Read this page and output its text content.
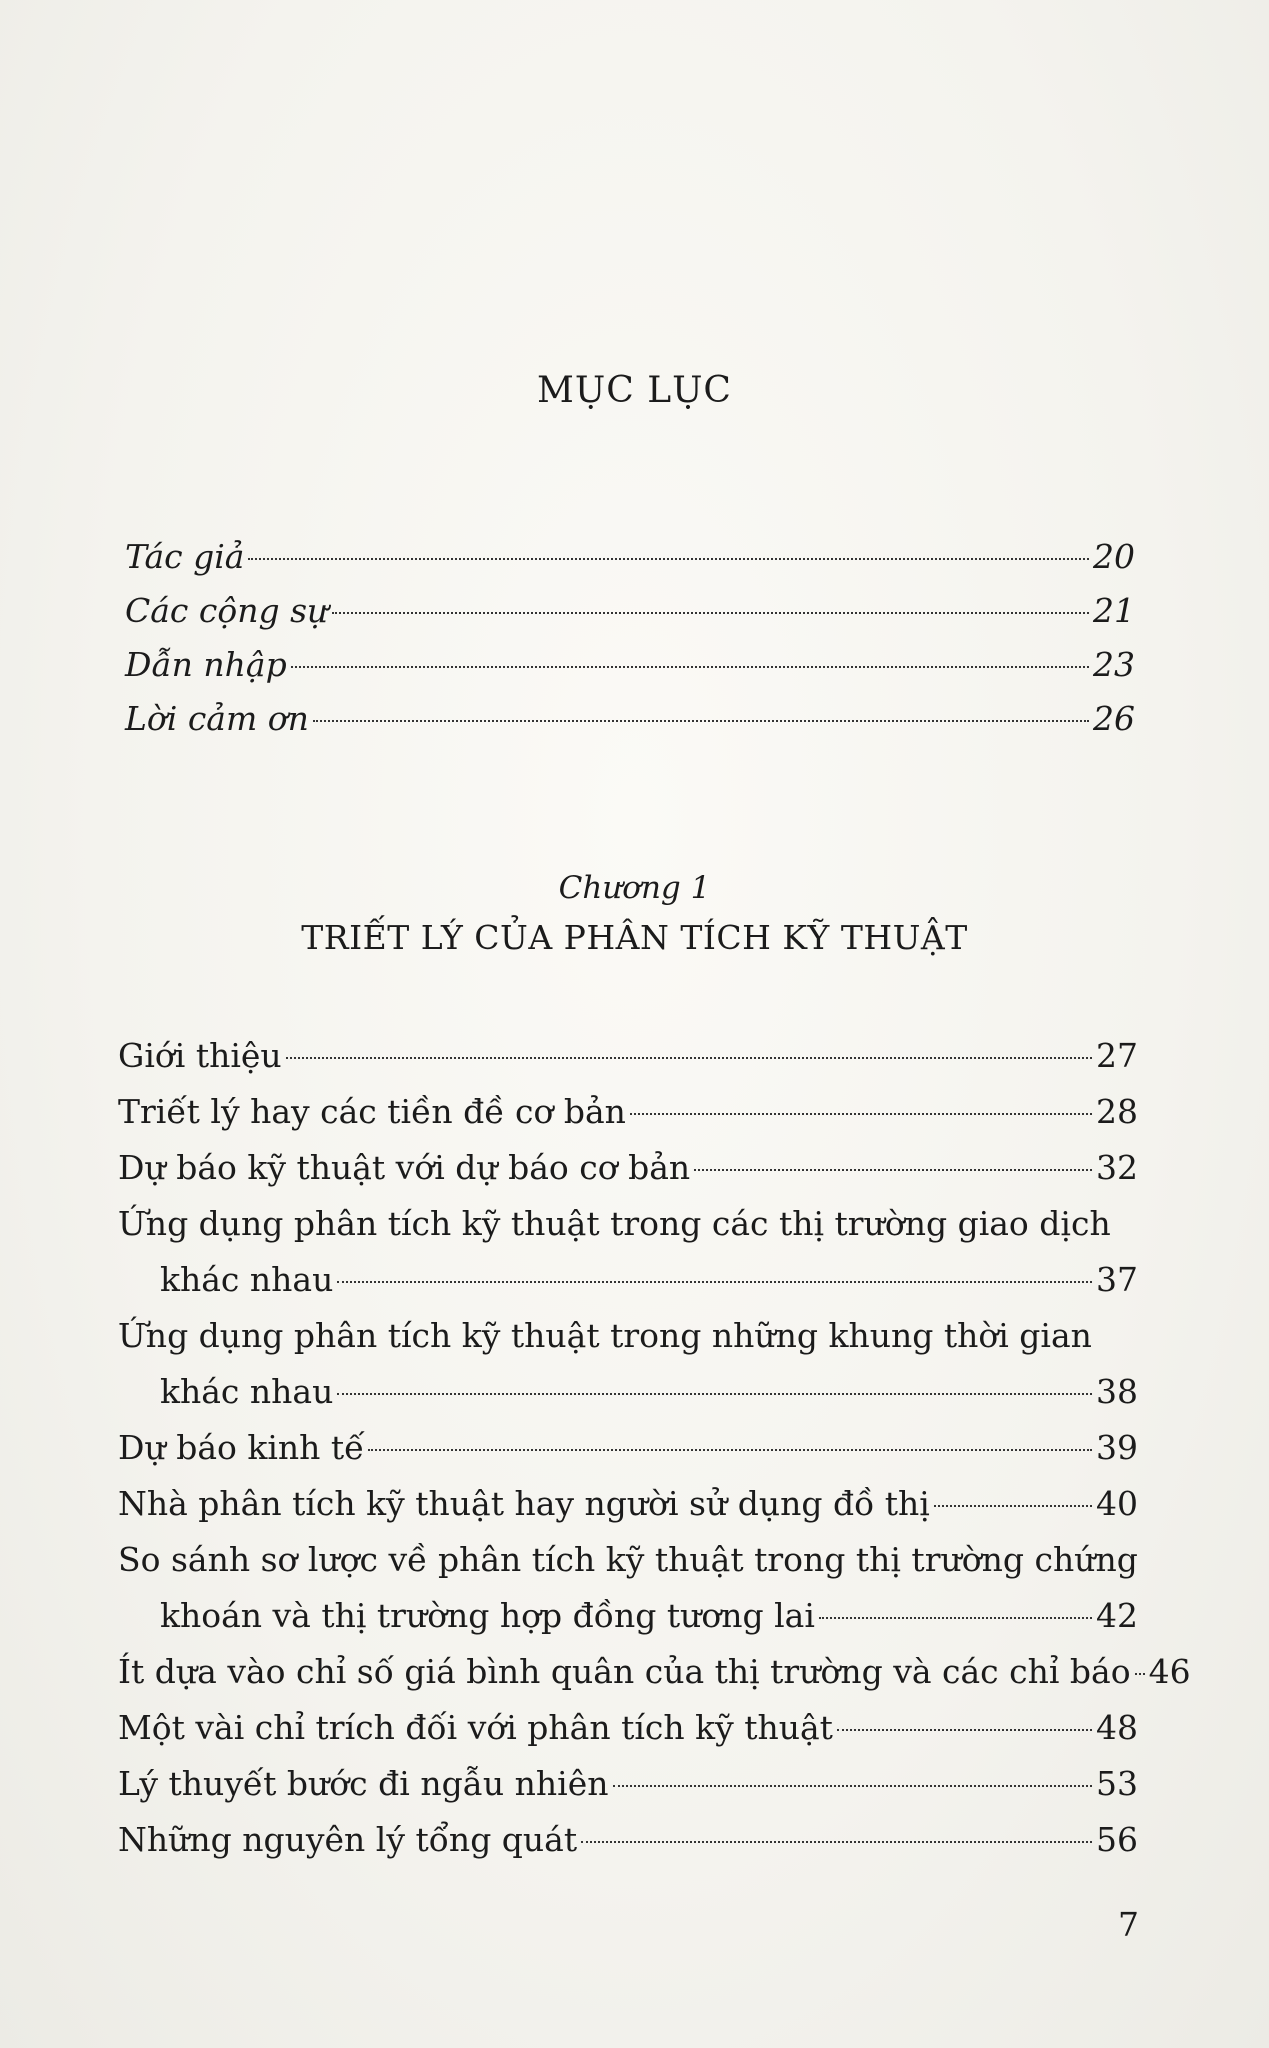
MỤC LỤC
Tác giả	20
Các cộng sự	21
Dẫn nhập	23
Lời cảm ơn	26
Chương 1
TRIẾT LÝ CỦA PHÂN TÍCH KỸ THUẬT
Giới thiệu	27
Triết lý hay các tiền đề cơ bản	28
Dự báo kỹ thuật với dự báo cơ bản	32
Ứng dụng phân tích kỹ thuật trong các thị trường giao dịch
khác nhau	37
Ứng dụng phân tích kỹ thuật trong những khung thời gian
khác nhau	38
Dự báo kinh tế	39
Nhà phân tích kỹ thuật hay người sử dụng đồ thị	40
So sánh sơ lược về phân tích kỹ thuật trong thị trường chứng
khoán và thị trường hợp đồng tương lai	42
Ít dựa vào chỉ số giá bình quân của thị trường và các chỉ báo 46
Một vài chỉ trích đối với phân tích kỹ thuật	48
Lý thuyết bước đi ngẫu nhiên	53
Những nguyên lý tổng quát	56
7
